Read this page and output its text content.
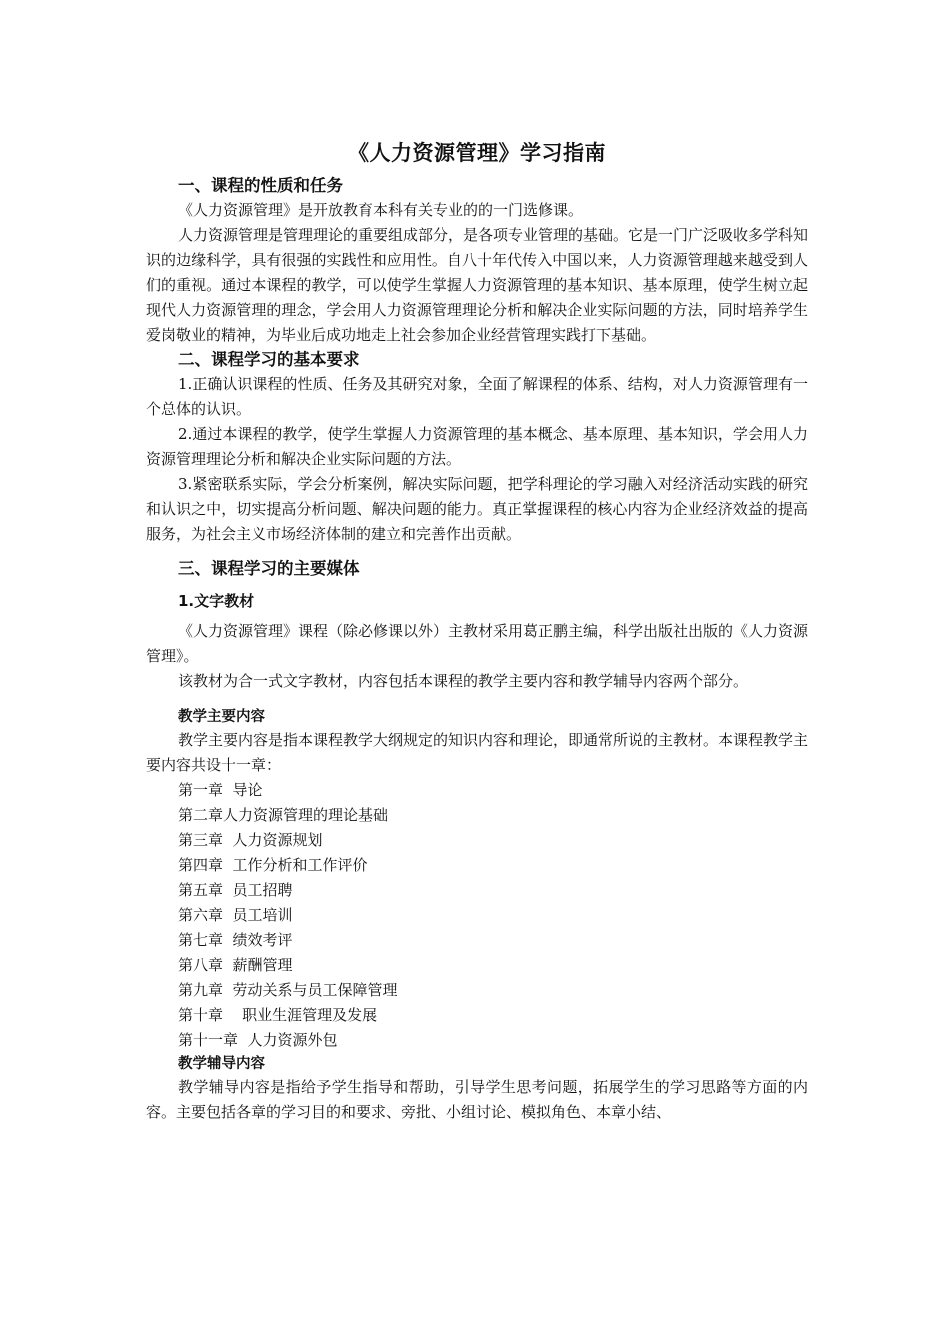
《人力资源管理》学习指南
一、课程的性质和任务

《人力资源管理》是开放教育本科有关专业的的一门选修课。

人力资源管理是管理理论的重要组成部分，是各项专业管理的基础。它是一门广泛吸收多学科知识的边缘科学，具有很强的实践性和应用性。自八十年代传入中国以来，人力资源管理越来越受到人们的重视。通过本课程的教学，可以使学生掌握人力资源管理的基本知识、基本原理，使学生树立起现代人力资源管理的理念，学会用人力资源管理理论分析和解决企业实际问题的方法，同时培养学生爱岗敬业的精神，为毕业后成功地走上社会参加企业经营管理实践打下基础。

二、课程学习的基本要求

1.正确认识课程的性质、任务及其研究对象，全面了解课程的体系、结构，对人力资源管理有一个总体的认识。

2.通过本课程的教学，使学生掌握人力资源管理的基本概念、基本原理、基本知识，学会用人力资源管理理论分析和解决企业实际问题的方法。

3.紧密联系实际，学会分析案例，解决实际问题，把学科理论的学习融入对经济活动实践的研究和认识之中，切实提高分析问题、解决问题的能力。真正掌握课程的核心内容为企业经济效益的提高服务，为社会主义市场经济体制的建立和完善作出贡献。

三、课程学习的主要媒体
1.文字教材

《人力资源管理》课程（除必修课以外）主教材采用葛正鹏主编，科学出版社出版的《人力资源管理》。

该教材为合一式文字教材，内容包括本课程的教学主要内容和教学辅导内容两个部分。

教学主要内容

教学主要内容是指本课程教学大纲规定的知识内容和理论，即通常所说的主教材。本课程教学主要内容共设十一章：

第一章  导论

第二章人力资源管理的理论基础

第三章  人力资源规划

第四章  工作分析和工作评价

第五章  员工招聘

第六章  员工培训

第七章  绩效考评

第八章  薪酬管理

第九章  劳动关系与员工保障管理

第十章    职业生涯管理及发展

第十一章  人力资源外包

教学辅导内容

教学辅导内容是指给予学生指导和帮助，引导学生思考问题，拓展学生的学习思路等方面的内容。主要包括各章的学习目的和要求、旁批、小组讨论、模拟角色、本章小结、
